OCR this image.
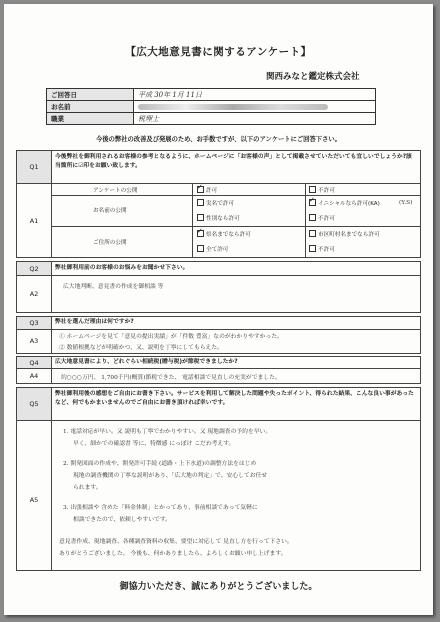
【広大地意見書に関するアンケート】
関西みなと鑑定株式会社
ご回答日	平成 30年 1月 11日
お名前	
職業	税理士
今後の弊社の改善及び発展のため、お手数ですが、以下のアンケートにご回答下さい。
Q1
今後弊社を御利用されるお客様の参考となるように、ホームページに「お客様の声」として掲載させていただいても宜しいでしょうか?該当箇所に☑印をお願い致します。
A1
アンケートの公開 ✓	許可	不許可
お名前の公開
実名で許可 ✓	イニシャルなら許可(KA)	(Y.S)
性別なら許可	不許可
ご住所の公開
✓県名までなら許可	市区町村名までなら許可
全て許可	不許可
Q2	弊社御利用前のお客様のお悩みをお聞かせ下さい。
A2
広大地判断、意見書の作成を御相談 等
Q3	弊社を選んだ理由は何ですか?
A3	① ホームページを見て「意見の提出実績」が「件数 豊富」なのがわかりやすかった。
② 数値根拠などが明確かつ、又、説明を丁寧にしてもらえた。
Q4	広大地意見書により、どれぐらい相続税(贈与税)が節税できましたか?
A4	約○○○万円、 1,700千円(概算)節税できた、 電話相談で見直しの充実がでました。
Q5
弊社御利用後の感想をご自由にお書き下さい。サービスを利用して解決した問題や失ったポイント、得られた結果、こんな良い事があったなど、何でもかまいませんのでご自由にお書き頂ければ幸いです。
A5
1. 電話対応が早い。又 説明も丁寧でわかりやすい。又 現地調査の予約を早い。
早く、細かでの確認書 等に、特徴感 にっぽけ こだわ考えす。
2. 開発図面の作成や、開発許可手続 (道路・上下水道)の調整方法をはじめ
現地の調査機関の丁寧な説明があり、「広大地の判定」で、安心してお任せ
られます。
3. 出張相談や 含めた「料金体制」とかってあり、事前相談であって気軽に
相談できたので、依頼しやすいです。
意見書作成、現地調査、各種調査資料の収集、要望に対応して 見直し方を行って下さい。
ありがとうございました。 今後も、何かありましたら、よろしくお願い申し上げます。
御協力いただき、誠にありがとうございました。
